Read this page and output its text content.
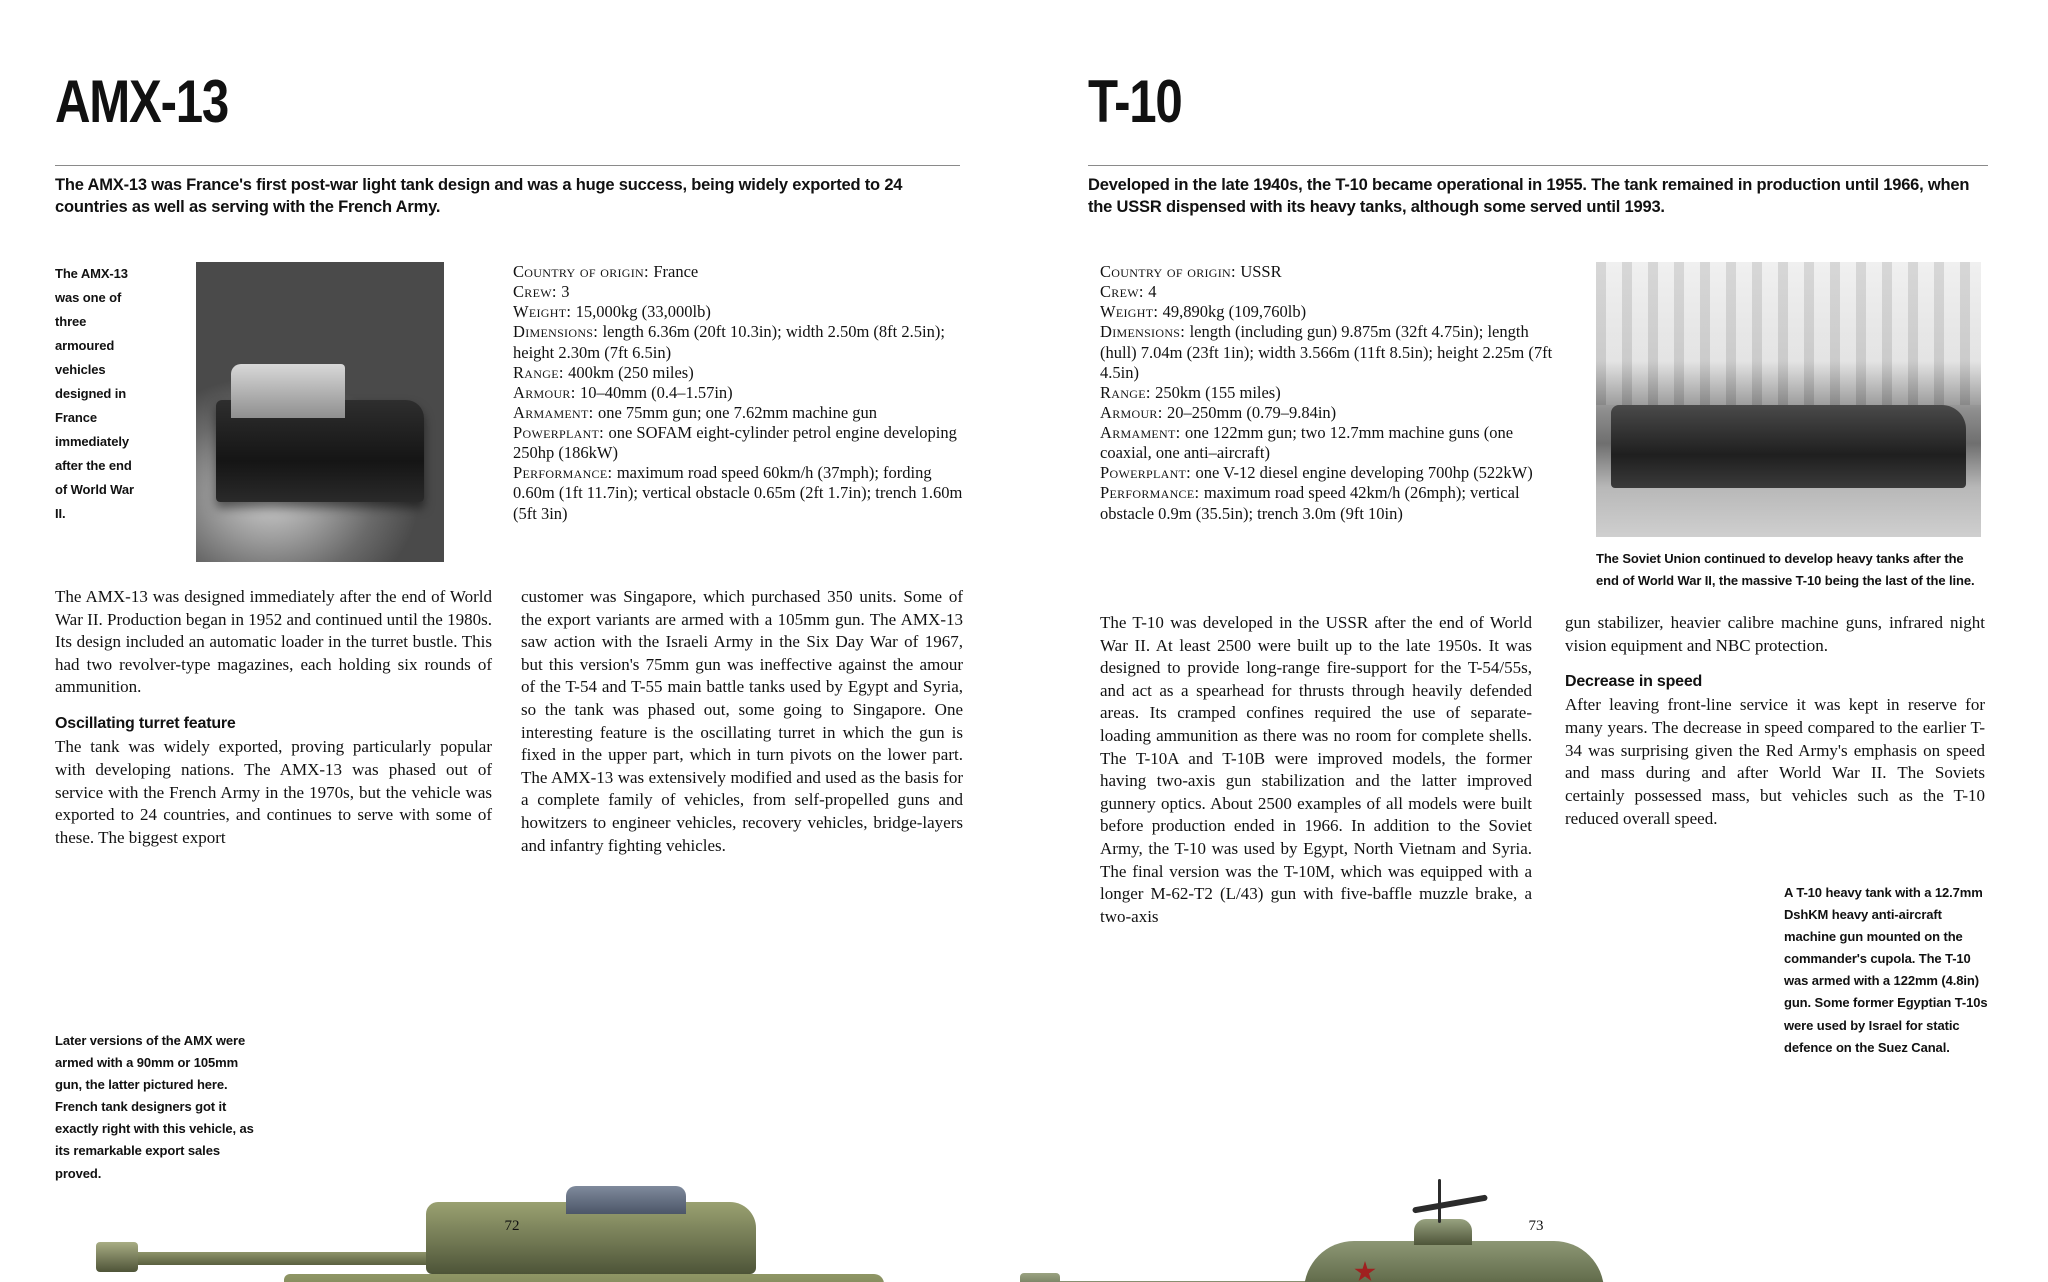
AMX-13
The AMX-13 was France's first post-war light tank design and was a huge success, being widely exported to 24 countries as well as serving with the French Army.
The AMX-13 was one of three armoured vehicles designed in France immediately after the end of World War II.
Country of origin: France
Crew: 3
Weight: 15,000kg (33,000lb)
Dimensions: length 6.36m (20ft 10.3in); width 2.50m (8ft 2.5in); height 2.30m (7ft 6.5in)
Range: 400km (250 miles)
Armour: 10–40mm (0.4–1.57in)
Armament: one 75mm gun; one 7.62mm machine gun
Powerplant: one SOFAM eight-cylinder petrol engine developing 250hp (186kW)
Performance: maximum road speed 60km/h (37mph); fording 0.60m (1ft 11.7in); vertical obstacle 0.65m (2ft 1.7in); trench 1.60m (5ft 3in)

The AMX-13 was designed immediately after the end of World War II. Production began in 1952 and continued until the 1980s. Its design included an automatic loader in the turret bustle. This had two revolver-type magazines, each holding six rounds of ammunition.

Oscillating turret feature

The tank was widely exported, proving particularly popular with developing nations. The AMX-13 was phased out of service with the French Army in the 1970s, but the vehicle was exported to 24 countries, and continues to serve with some of these. The biggest export

customer was Singapore, which purchased 350 units. Some of the export variants are armed with a 105mm gun. The AMX-13 saw action with the Israeli Army in the Six Day War of 1967, but this version's 75mm gun was ineffective against the amour of the T-54 and T-55 main battle tanks used by Egypt and Syria, so the tank was phased out, some going to Singapore. One interesting feature is the oscillating turret in which the gun is fixed in the upper part, which in turn pivots on the lower part. The AMX-13 was extensively modified and used as the basis for a complete family of vehicles, from self-propelled guns and howitzers to engineer vehicles, recovery vehicles, bridge-layers and infantry fighting vehicles.

Later versions of the AMX were armed with a 90mm or 105mm gun, the latter pictured here. French tank designers got it exactly right with this vehicle, as its remarkable export sales proved.
72
T-10
Developed in the late 1940s, the T-10 became operational in 1955. The tank remained in production until 1966, when the USSR dispensed with its heavy tanks, although some served until 1993.
Country of origin: USSR
Crew: 4
Weight: 49,890kg (109,760lb)
Dimensions: length (including gun) 9.875m (32ft 4.75in); length (hull) 7.04m (23ft 1in); width 3.566m (11ft 8.5in); height 2.25m (7ft 4.5in)
Range: 250km (155 miles)
Armour: 20–250mm (0.79–9.84in)
Armament: one 122mm gun; two 12.7mm machine guns (one coaxial, one anti–aircraft)
Powerplant: one V-12 diesel engine developing 700hp (522kW)
Performance: maximum road speed 42km/h (26mph); vertical obstacle 0.9m (35.5in); trench 3.0m (9ft 10in)
The Soviet Union continued to develop heavy tanks after the end of World War II, the massive T-10 being the last of the line.

The T-10 was developed in the USSR after the end of World War II. At least 2500 were built up to the late 1950s. It was designed to provide long-range fire-support for the T-54/55s, and act as a spearhead for thrusts through heavily defended areas. Its cramped confines required the use of separate-loading ammunition as there was no room for complete shells. The T-10A and T-10B were improved models, the former having two-axis gun stabilization and the latter improved gunnery optics. About 2500 examples of all models were built before production ended in 1966. In addition to the Soviet Army, the T-10 was used by Egypt, North Vietnam and Syria. The final version was the T-10M, which was equipped with a longer M-62-T2 (L/43) gun with five-baffle muzzle brake, a two-axis

gun stabilizer, heavier calibre machine guns, infrared night vision equipment and NBC protection.

Decrease in speed

After leaving front-line service it was kept in reserve for many years. The decrease in speed compared to the earlier T-34 was surprising given the Red Army's emphasis on speed and mass during and after World War II. The Soviets certainly possessed mass, but vehicles such as the T-10 reduced overall speed.

A T-10 heavy tank with a 12.7mm DshKM heavy anti-aircraft machine gun mounted on the commander's cupola. The T-10 was armed with a 122mm (4.8in) gun. Some former Egyptian T-10s were used by Israel for static defence on the Suez Canal.
73
